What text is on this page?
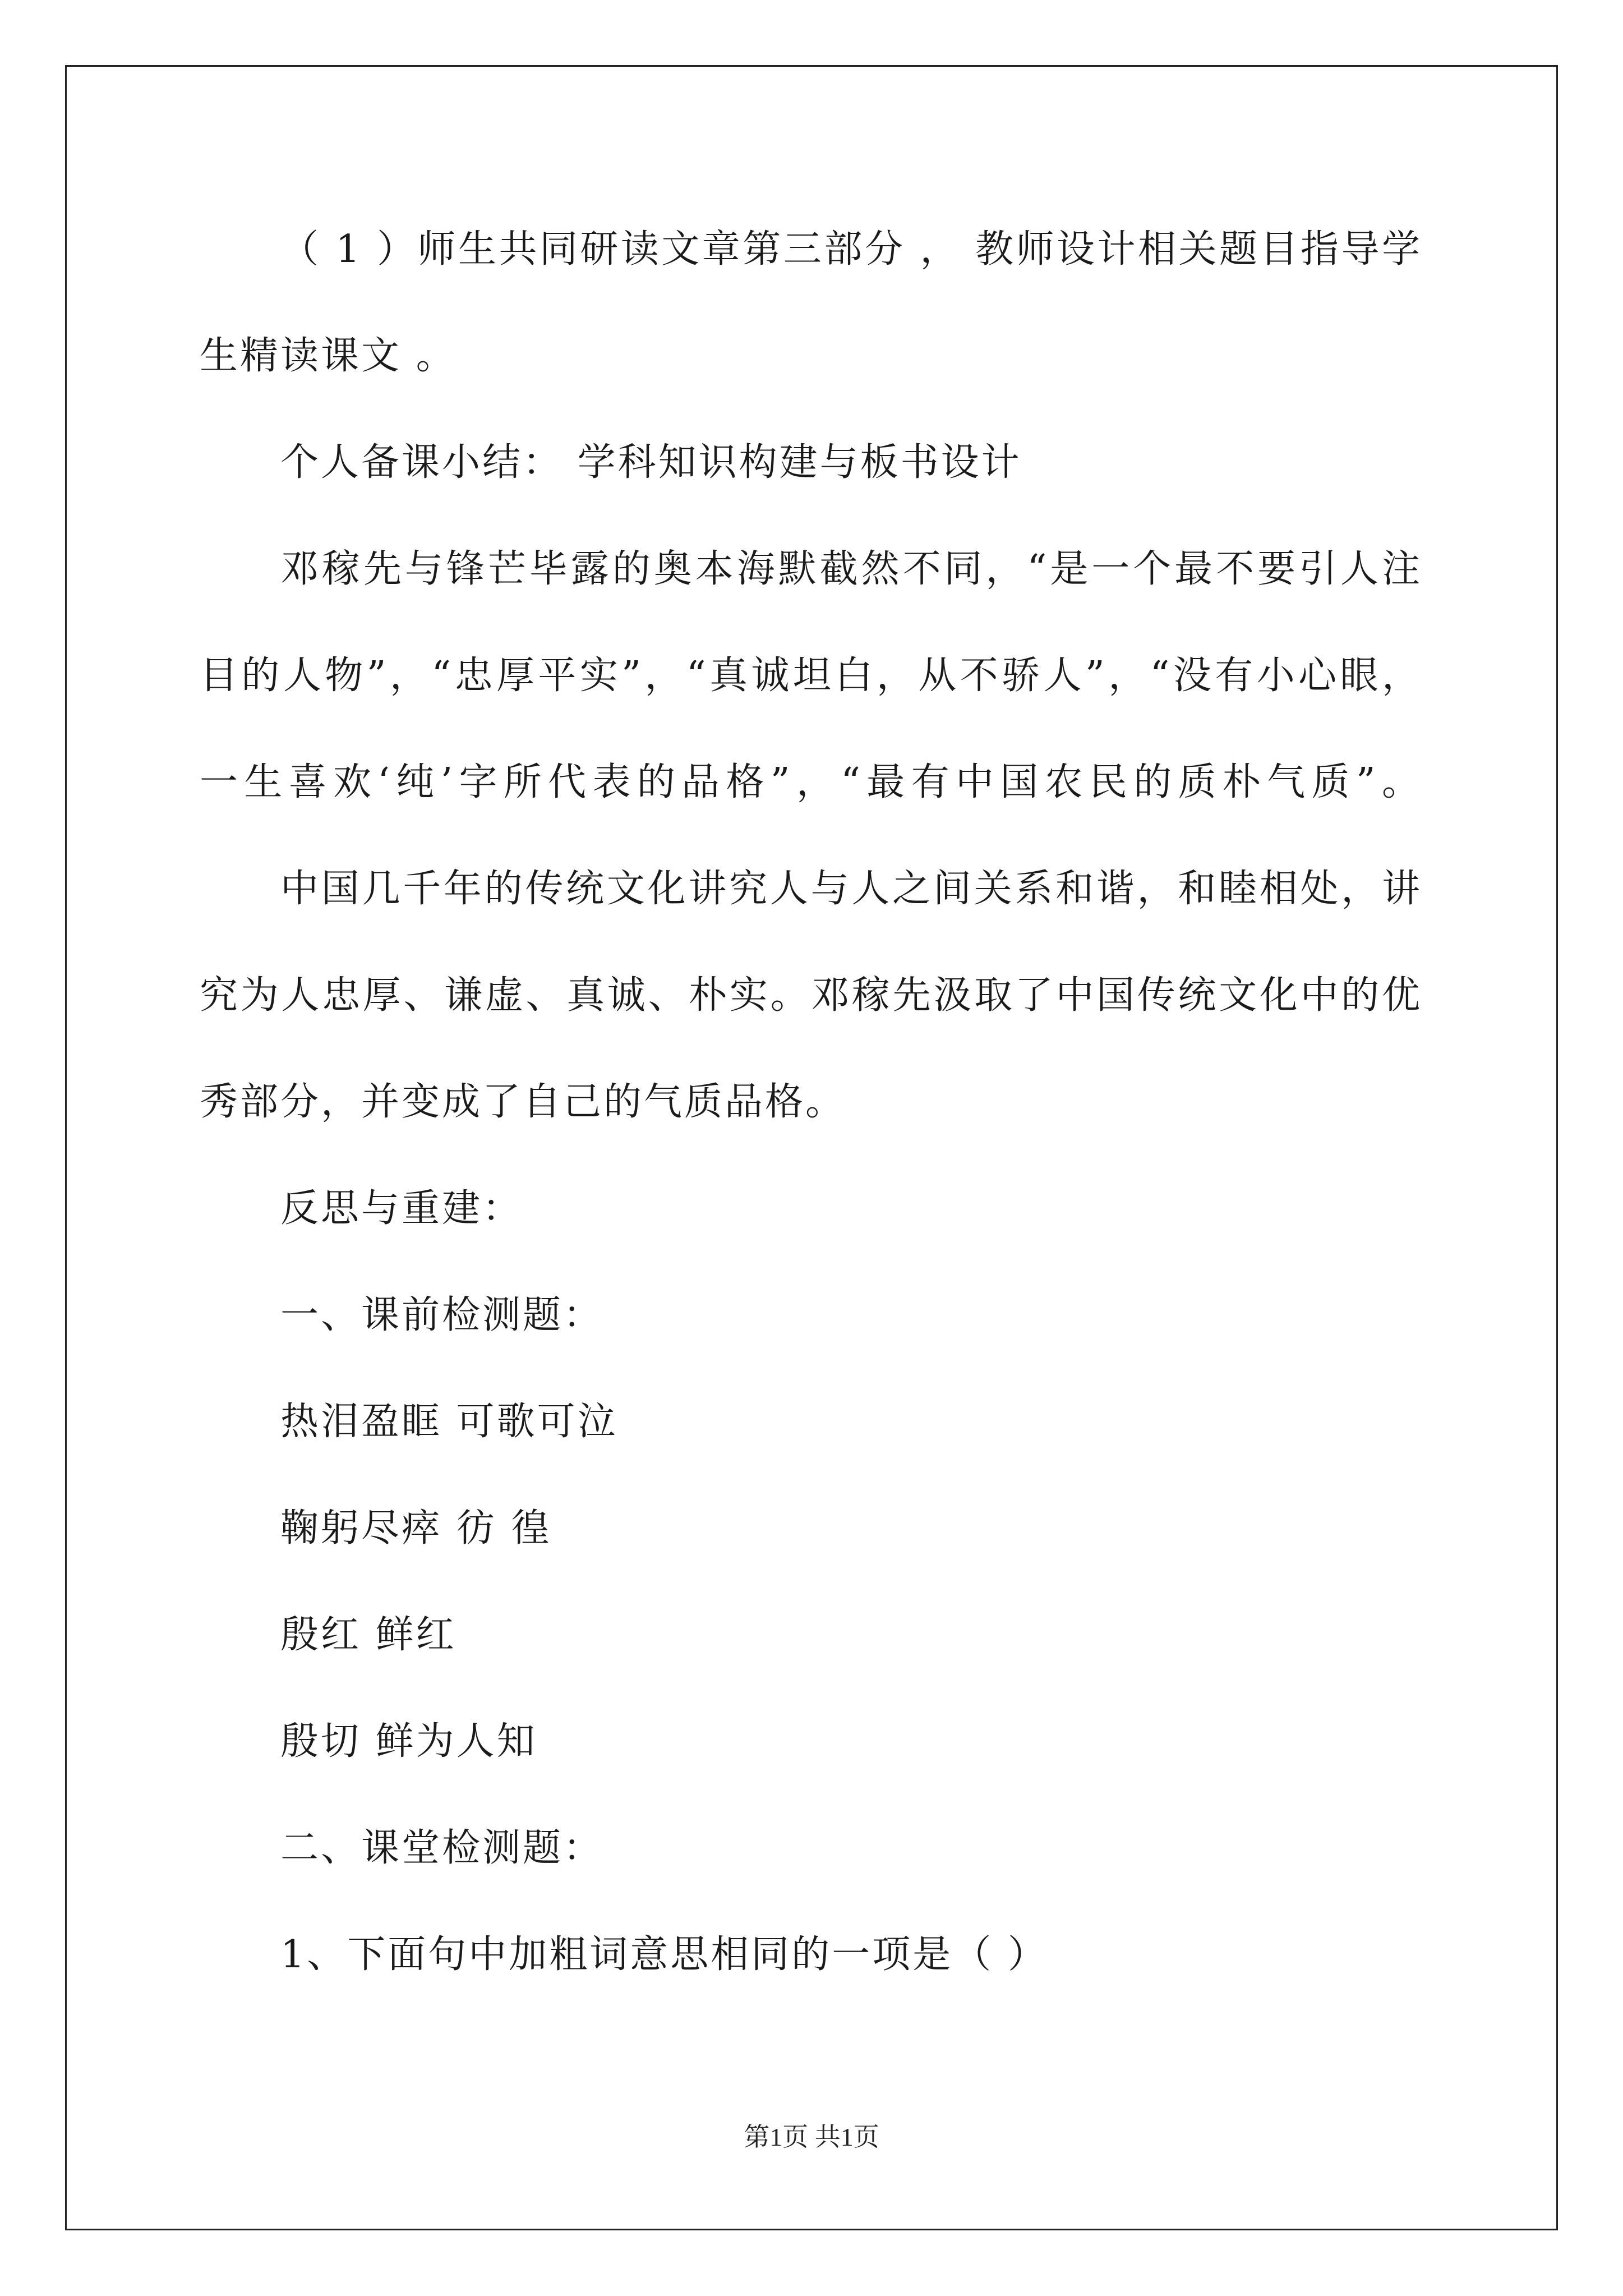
（ 1 ）师生共同研读文章第三部分 ， 教师设计相关题目指导学
生精读课文 。
个人备课小结： 学科知识构建与板书设计
邓稼先与锋芒毕露的奥本海默截然不同，“是一个最不要引人注
目的人物”，“忠厚平实”，“真诚坦白，从不骄人”，“没有小心眼，
一生喜欢‘纯’字所代表的品格”，“最有中国农民的质朴气质”。
中国几千年的传统文化讲究人与人之间关系和谐，和睦相处，讲
究为人忠厚、谦虚、真诚、朴实。邓稼先汲取了中国传统文化中的优
秀部分，并变成了自己的气质品格。
反思与重建：
一、课前检测题：
热泪盈眶 可歌可泣
鞠躬尽瘁 彷 徨
殷红 鲜红
殷切 鲜为人知
二、课堂检测题：
1、下面句中加粗词意思相同的一项是（ ）
第1页 共1页
